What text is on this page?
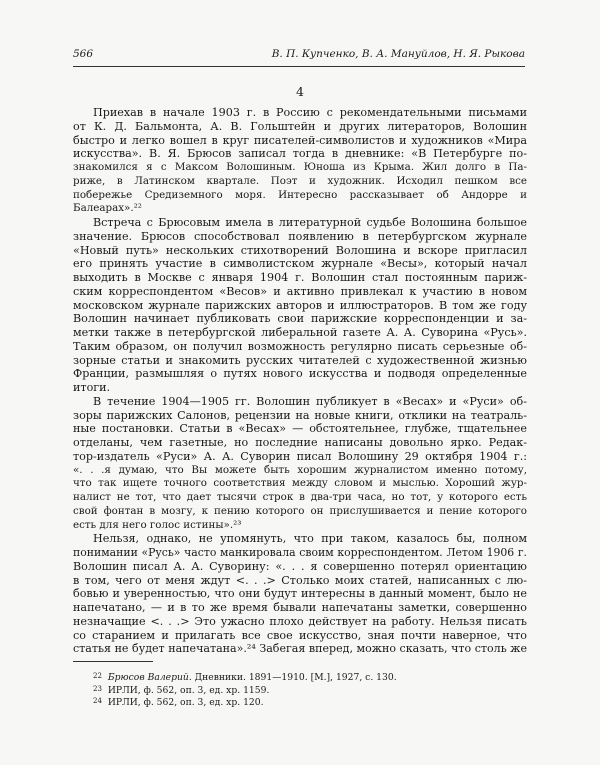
566	В. П. Купченко, В. А. Мануйлов, Н. Я. Рыкова
4
Приехав в начале 1903 г. в Россию с рекомендательными письмами
от К. Д. Бальмонта, А. В. Гольштейн и других литераторов, Волошин
быстро и легко вошел в круг писателей-символистов и художников «Мира
искусства». В. Я. Брюсов записал тогда в дневнике: «В Петербурге по-
знакомился я с Максом Волошиным. Юноша из Крыма. Жил долго в Па-
риже, в Латинском квартале. Поэт и художник. Исходил пешком все
побережье Средиземного моря. Интересно рассказывает об Андорре и
Балеарах».²²
Встреча с Брюсовым имела в литературной судьбе Волошина большое
значение. Брюсов способствовал появлению в петербургском журнале
«Новый путь» нескольких стихотворений Волошина и вскоре пригласил
его принять участие в символистском журнале «Весы», который начал
выходить в Москве с января 1904 г. Волошин стал постоянным париж-
ским корреспондентом «Весов» и активно привлекал к участию в новом
московском журнале парижских авторов и иллюстраторов. В том же году
Волошин начинает публиковать свои парижские корреспонденции и за-
метки также в петербургской либеральной газете А. А. Суворина «Русь».
Таким образом, он получил возможность регулярно писать серьезные об-
зорные статьи и знакомить русских читателей с художественной жизнью
Франции, размышляя о путях нового искусства и подводя определенные
итоги.
В течение 1904—1905 гг. Волошин публикует в «Весах» и «Руси» об-
зоры парижских Салонов, рецензии на новые книги, отклики на театраль-
ные постановки. Статьи в «Весах» — обстоятельнее, глубже, тщательнее
отделаны, чем газетные, но последние написаны довольно ярко. Редак-
тор-издатель «Руси» А. А. Суворин писал Волошину 29 октября 1904 г.:
«. . .я думаю, что Вы можете быть хорошим журналистом именно потому,
что так ищете точного соответствия между словом и мыслью. Хороший жур-
налист не тот, что дает тысячи строк в два-три часа, но тот, у которого есть
свой фонтан в мозгу, к пению которого он прислушивается и пение которого
есть для него голос истины».²³
Нельзя, однако, не упомянуть, что при таком, казалось бы, полном
понимании «Русь» часто манкировала своим корреспондентом. Летом 1906 г.
Волошин писал А. А. Суворину: «. . . я совершенно потерял ориентацию
в том, чего от меня ждут <. . .> Столько моих статей, написанных с лю-
бовью и уверенностью, что они будут интересны в данный момент, было не
напечатано, — и в то же время бывали напечатаны заметки, совершенно
незначащие <. . .> Это ужасно плохо действует на работу. Нельзя писать
со старанием и прилагать все свое искусство, зная почти наверное, что
статья не будет напечатана».²⁴ Забегая вперед, можно сказать, что столь же
$^{22}$ Брюсов Валерий. Дневники. 1891—1910. [М.], 1927, с. 130.
$^{23}$ ИРЛИ, ф. 562, оп. 3, ед. хр. 1159.
$^{24}$ ИРЛИ, ф. 562, оп. 3, ед. хр. 120.
